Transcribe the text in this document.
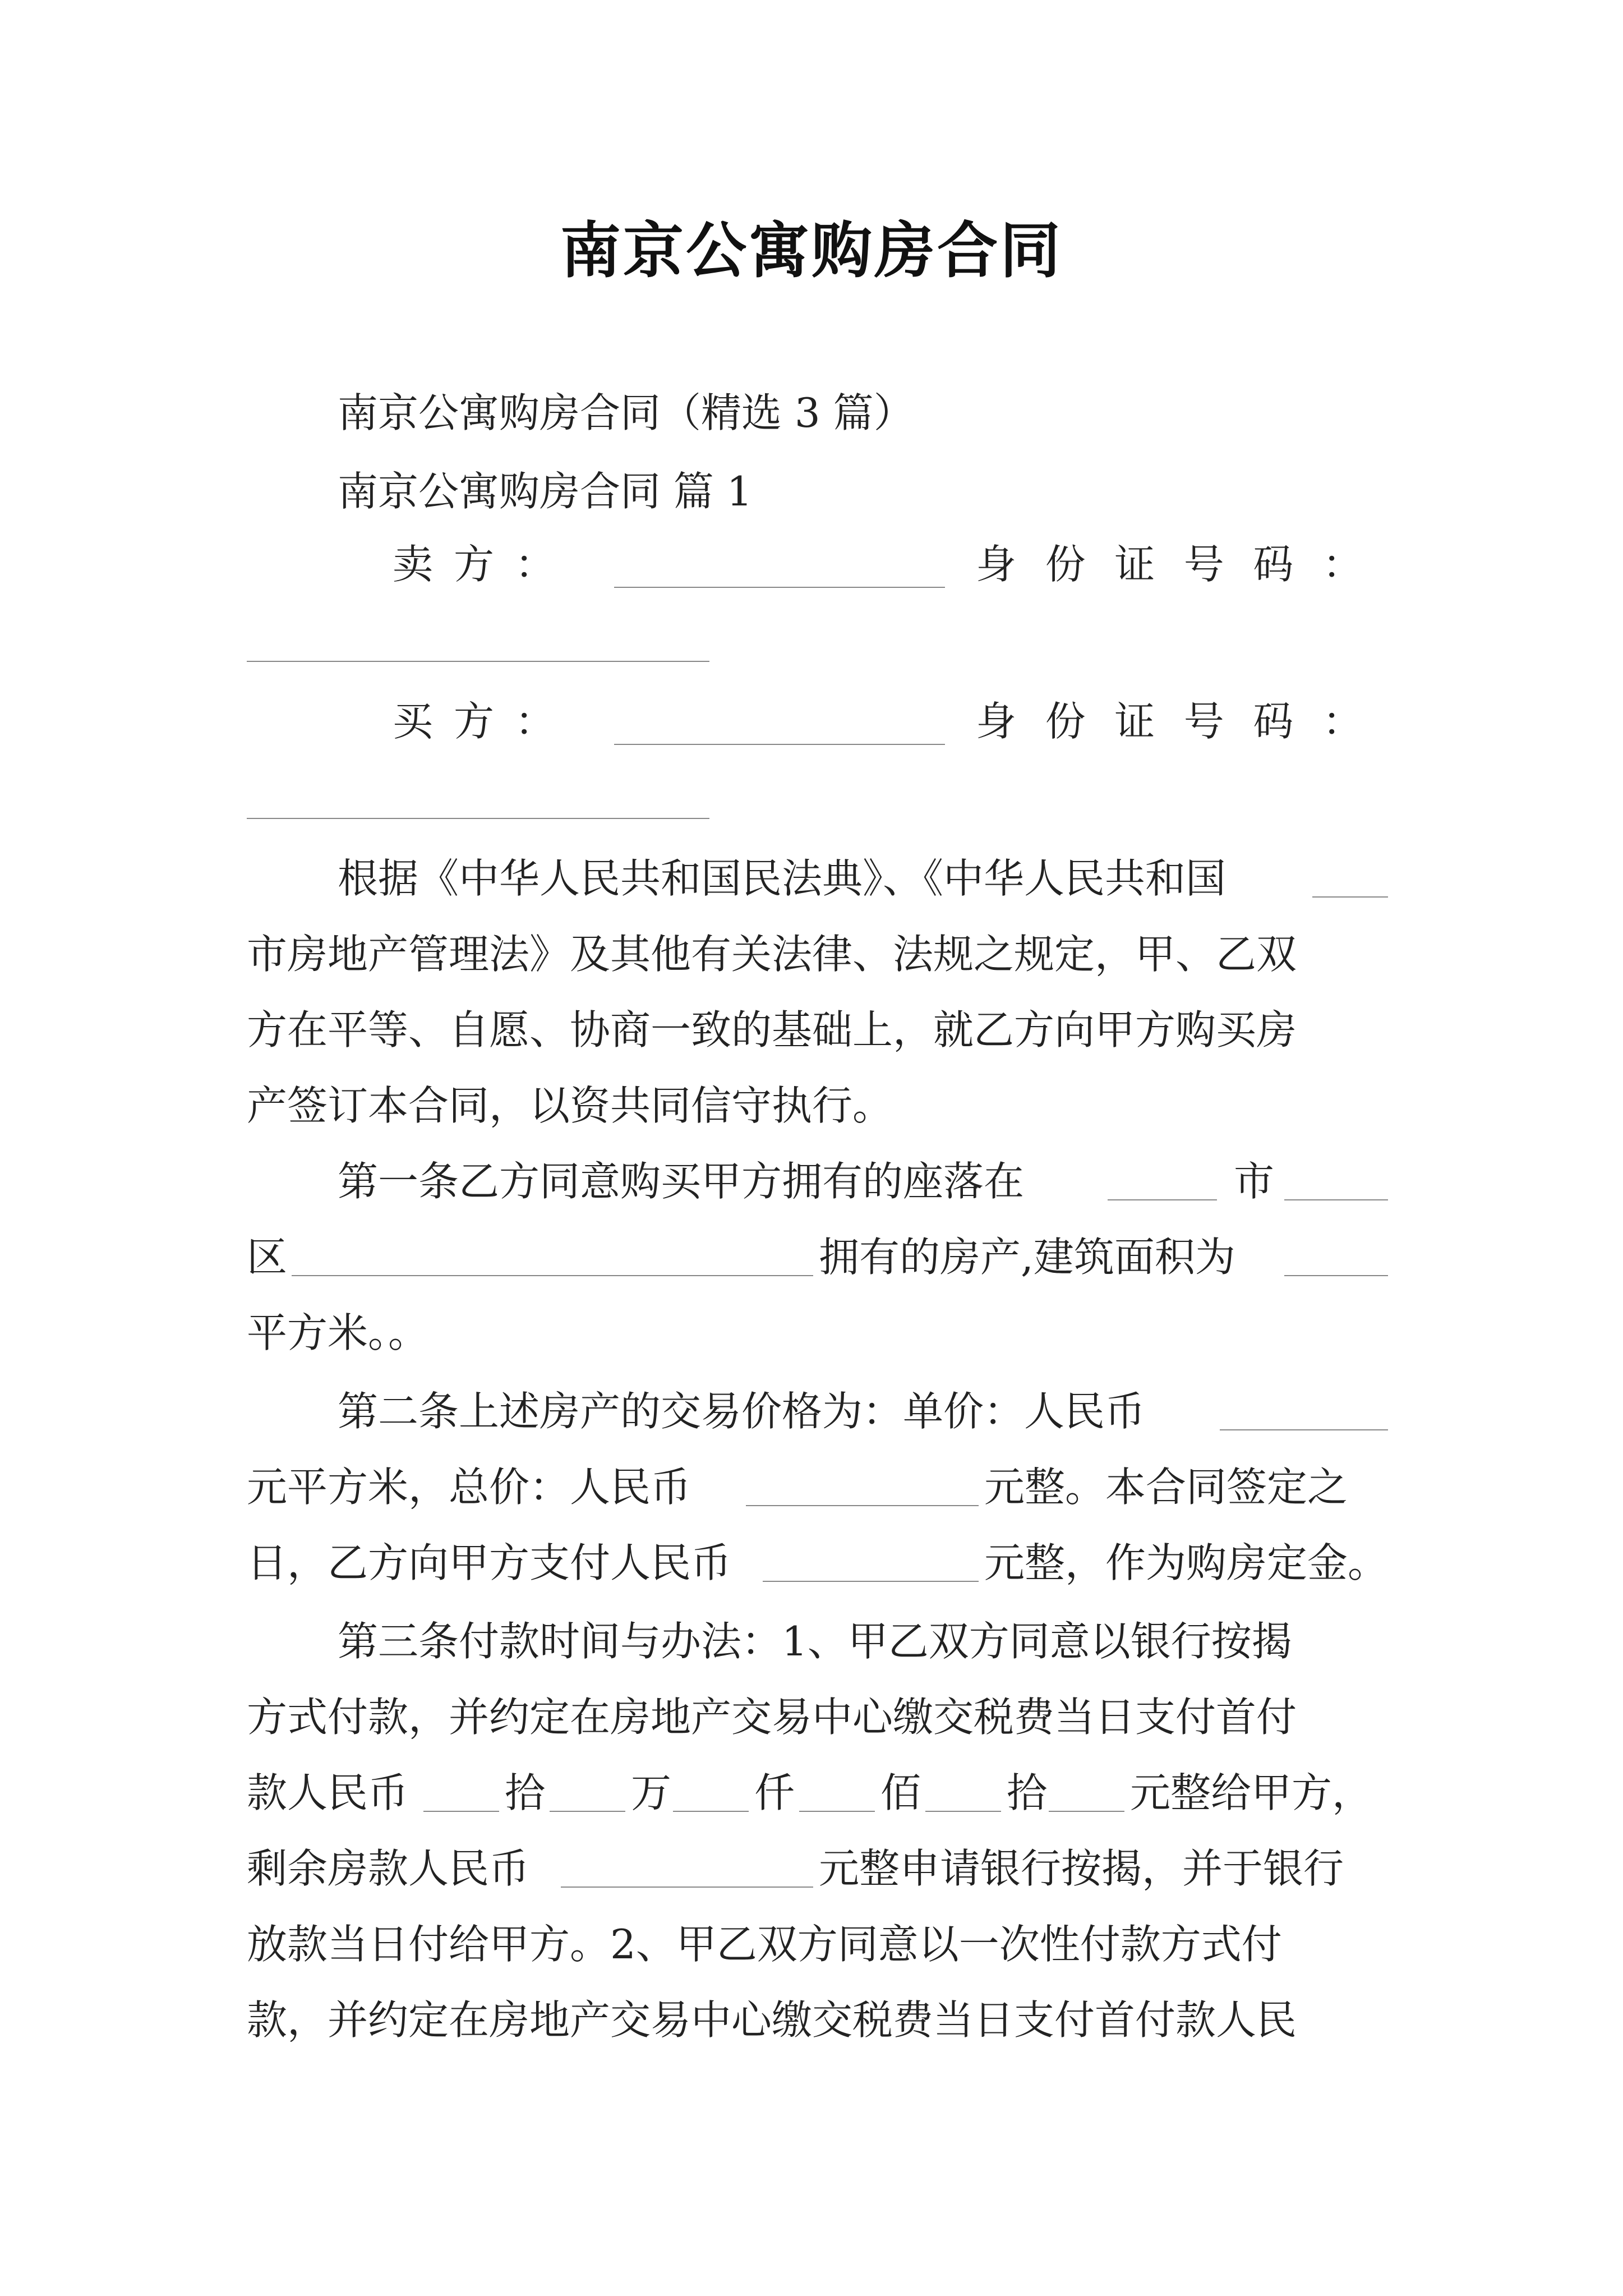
南京公寓购房合同
南京公寓购房合同（精选 3 篇）
南京公寓购房合同 篇 1
卖 方 ：	身 份 证 号 码 ：
买 方 ：	身 份 证 号 码 ：
根据《中华人民共和国民法典》、《中华人民共和国
市房地产管理法》及其他有关法律、法规之规定，甲、乙双
方在平等、自愿、协商一致的基础上，就乙方向甲方购买房
产签订本合同，以资共同信守执行。
第一条乙方同意购买甲方拥有的座落在	市
区	拥有的房产,建筑面积为
平方米。。
第二条上述房产的交易价格为：单价：人民币
元平方米，总价：人民币	元整。本合同签定之
日，乙方向甲方支付人民币	元整，作为购房定金。
第三条付款时间与办法：1、甲乙双方同意以银行按揭
方式付款，并约定在房地产交易中心缴交税费当日支付首付
款人民币 拾 万 仟 佰 拾 元整给甲方，
剩余房款人民币	元整申请银行按揭，并于银行
放款当日付给甲方。2、甲乙双方同意以一次性付款方式付
款，并约定在房地产交易中心缴交税费当日支付首付款人民
